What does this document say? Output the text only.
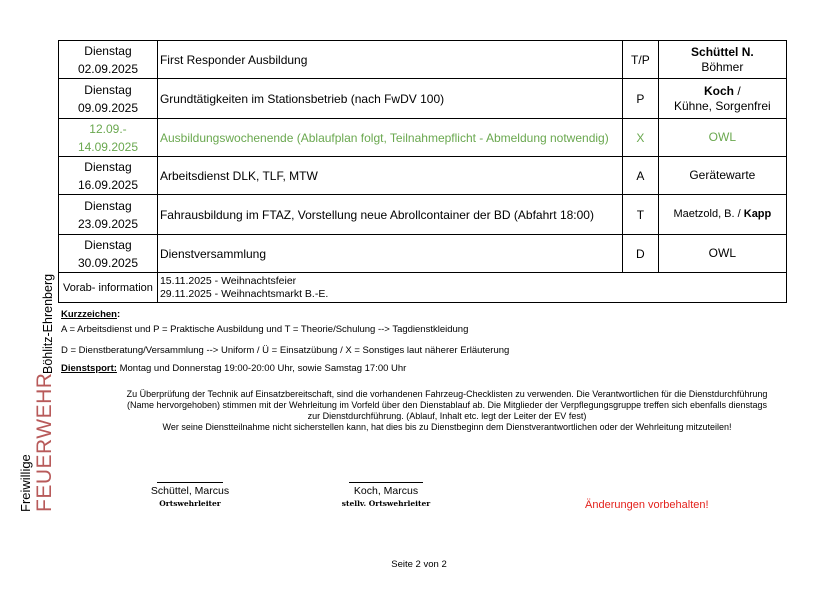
Freiwillige FEUERWEHR
Böhlitz-Ehrenberg
Dienstag
02.09.2025	First Responder Ausbildung	T/P	Schüttel N.
Böhmer
Dienstag
09.09.2025	Grundtätigkeiten im Stationsbetrieb (nach FwDV 100)	P	Koch /
Kühne, Sorgenfrei
12.09.-
14.09.2025	Ausbildungswochenende (Ablaufplan folgt, Teilnahmepflicht - Abmeldung notwendig)	X	OWL
Dienstag
16.09.2025	Arbeitsdienst DLK, TLF, MTW	A	Gerätewarte
Dienstag
23.09.2025	Fahrausbildung im FTAZ, Vorstellung neue Abrollcontainer der BD (Abfahrt 18:00)	T	Maetzold, B. / Kapp
Dienstag
30.09.2025	Dienstversammlung	D	OWL
Vorab- information	15.11.2025 - Weihnachtsfeier
29.11.2025 - Weihnachtsmarkt B.-E.		
Kurzzeichen:
A = Arbeitsdienst und P = Praktische Ausbildung und T = Theorie/Schulung --> Tagdienstkleidung
D = Dienstberatung/Versammlung --> Uniform / Ü = Einsatzübung / X = Sonstiges laut näherer Erläuterung
Dienstsport: Montag und Donnerstag 19:00-20:00 Uhr, sowie Samstag 17:00 Uhr
Zu Überprüfung der Technik auf Einsatzbereitschaft, sind die vorhandenen Fahrzeug-Checklisten zu verwenden. Die Verantwortlichen für die Dienstdurchführung
(Name hervorgehoben) stimmen mit der Wehrleitung im Vorfeld über den Dienstablauf ab. Die Mitglieder der Verpflegungsgruppe treffen sich ebenfalls dienstags
zur Dienstdurchführung. (Ablauf, Inhalt etc. legt der Leiter der EV fest)
Wer seine Dienstteilnahme nicht sicherstellen kann, hat dies bis zu Dienstbeginn dem Dienstverantwortlichen oder der Wehrleitung mitzuteilen!
Schüttel, Marcus
Ortswehrleiter
Koch, Marcus
stellv. Ortswehrleiter	Änderungen vorbehalten!
Seite 2 von 2
